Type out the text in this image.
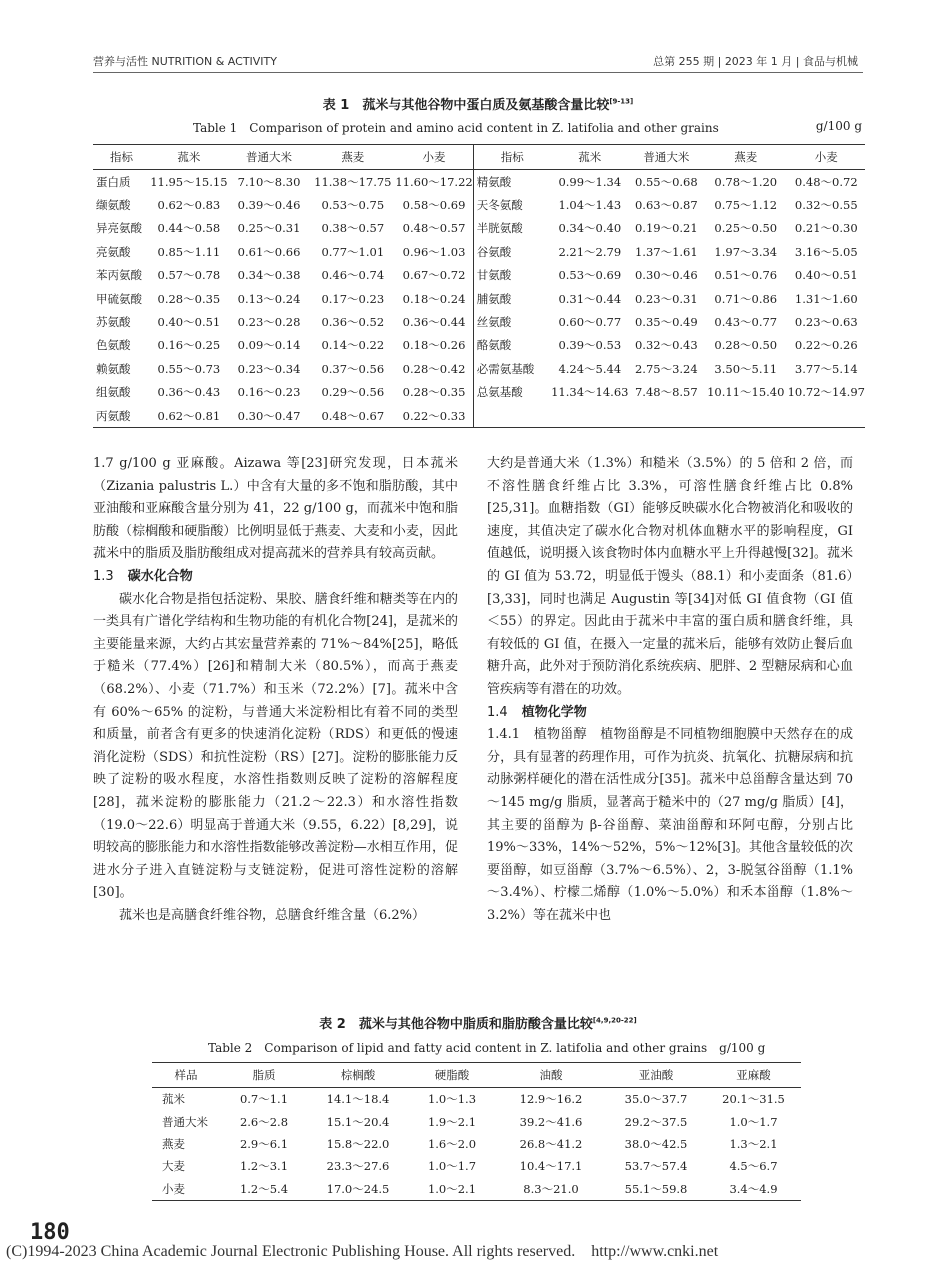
营养与活性 NUTRITION & ACTIVITY	总第 255 期 | 2023 年 1 月 | 食品与机械
表 1　菰米与其他谷物中蛋白质及氨基酸含量比较[9-13]
Table 1　Comparison of protein and amino acid content in Z. latifolia and other grains	g/100 g
指标	菰米	普通大米	燕麦	小麦	指标	菰米	普通大米	燕麦	小麦
蛋白质	11.95～15.15	7.10～8.30	11.38～17.75	11.60～17.22	精氨酸	0.99～1.34	0.55～0.68	0.78～1.20	0.48～0.72
缬氨酸	0.62～0.83	0.39～0.46	0.53～0.75	0.58～0.69	天冬氨酸	1.04～1.43	0.63～0.87	0.75～1.12	0.32～0.55
异亮氨酸	0.44～0.58	0.25～0.31	0.38～0.57	0.48～0.57	半胱氨酸	0.34～0.40	0.19～0.21	0.25～0.50	0.21～0.30
亮氨酸	0.85～1.11	0.61～0.66	0.77～1.01	0.96～1.03	谷氨酸	2.21～2.79	1.37～1.61	1.97～3.34	3.16～5.05
苯丙氨酸	0.57～0.78	0.34～0.38	0.46～0.74	0.67～0.72	甘氨酸	0.53～0.69	0.30～0.46	0.51～0.76	0.40～0.51
甲硫氨酸	0.28～0.35	0.13～0.24	0.17～0.23	0.18～0.24	脯氨酸	0.31～0.44	0.23～0.31	0.71～0.86	1.31～1.60
苏氨酸	0.40～0.51	0.23～0.28	0.36～0.52	0.36～0.44	丝氨酸	0.60～0.77	0.35～0.49	0.43～0.77	0.23～0.63
色氨酸	0.16～0.25	0.09～0.14	0.14～0.22	0.18～0.26	酪氨酸	0.39～0.53	0.32～0.43	0.28～0.50	0.22～0.26
赖氨酸	0.55～0.73	0.23～0.34	0.37～0.56	0.28～0.42	必需氨基酸	4.24～5.44	2.75～3.24	3.50～5.11	3.77～5.14
组氨酸	0.36～0.43	0.16～0.23	0.29～0.56	0.28～0.35	总氨基酸	11.34～14.63	7.48～8.57	10.11～15.40	10.72～14.97
丙氨酸	0.62～0.81	0.30～0.47	0.48～0.67	0.22～0.33					

1.7 g/100 g 亚麻酸。Aizawa 等[23]研究发现，日本菰米（Zizania palustris L.）中含有大量的多不饱和脂肪酸，其中亚油酸和亚麻酸含量分别为 41，22 g/100 g，而菰米中饱和脂肪酸（棕榈酸和硬脂酸）比例明显低于燕麦、大麦和小麦，因此菰米中的脂质及脂肪酸组成对提高菰米的营养具有较高贡献。

1.3 碳水化合物

碳水化合物是指包括淀粉、果胶、膳食纤维和糖类等在内的一类具有广谱化学结构和生物功能的有机化合物[24]，是菰米的主要能量来源，大约占其宏量营养素的 71%～84%[25]，略低于糙米（77.4%）[26]和精制大米（80.5%），而高于燕麦（68.2%）、小麦（71.7%）和玉米（72.2%）[7]。菰米中含有 60%～65% 的淀粉，与普通大米淀粉相比有着不同的类型和质量，前者含有更多的快速消化淀粉（RDS）和更低的慢速消化淀粉（SDS）和抗性淀粉（RS）[27]。淀粉的膨胀能力反映了淀粉的吸水程度，水溶性指数则反映了淀粉的溶解程度[28]，菰米淀粉的膨胀能力（21.2～22.3）和水溶性指数（19.0～22.6）明显高于普通大米（9.55，6.22）[8,29]，说明较高的膨胀能力和水溶性指数能够改善淀粉—水相互作用，促进水分子进入直链淀粉与支链淀粉，促进可溶性淀粉的溶解[30]。

菰米也是高膳食纤维谷物，总膳食纤维含量（6.2%）

大约是普通大米（1.3%）和糙米（3.5%）的 5 倍和 2 倍，而不溶性膳食纤维占比 3.3%，可溶性膳食纤维占比 0.8%[25,31]。血糖指数（GI）能够反映碳水化合物被消化和吸收的速度，其值决定了碳水化合物对机体血糖水平的影响程度，GI 值越低，说明摄入该食物时体内血糖水平上升得越慢[32]。菰米的 GI 值为 53.72，明显低于馒头（88.1）和小麦面条（81.6）[3,33]，同时也满足 Augustin 等[34]对低 GI 值食物（GI 值＜55）的界定。因此由于菰米中丰富的蛋白质和膳食纤维，具有较低的 GI 值，在摄入一定量的菰米后，能够有效防止餐后血糖升高，此外对于预防消化系统疾病、肥胖、2 型糖尿病和心血管疾病等有潜在的功效。

1.4 植物化学物

1.4.1　植物甾醇　植物甾醇是不同植物细胞膜中天然存在的成分，具有显著的药理作用，可作为抗炎、抗氧化、抗糖尿病和抗动脉粥样硬化的潜在活性成分[35]。菰米中总甾醇含量达到 70～145 mg/g 脂质，显著高于糙米中的（27 mg/g 脂质）[4]，其主要的甾醇为 β-谷甾醇、菜油甾醇和环阿屯醇，分别占比 19%～33%，14%～52%，5%～12%[3]。其他含量较低的次要甾醇，如豆甾醇（3.7%～6.5%）、2，3-脱氢谷甾醇（1.1%～3.4%）、柠檬二烯醇（1.0%～5.0%）和禾本甾醇（1.8%～3.2%）等在菰米中也

表 2　菰米与其他谷物中脂质和脂肪酸含量比较[4,9,20-22]
Table 2　Comparison of lipid and fatty acid content in Z. latifolia and other grains　g/100 g
样品	脂质	棕榈酸	硬脂酸	油酸	亚油酸	亚麻酸
菰米	0.7～1.1	14.1～18.4	1.0～1.3	12.9～16.2	35.0～37.7	20.1～31.5
普通大米	2.6～2.8	15.1～20.4	1.9～2.1	39.2～41.6	29.2～37.5	1.0～1.7
燕麦	2.9～6.1	15.8～22.0	1.6～2.0	26.8～41.2	38.0～42.5	1.3～2.1
大麦	1.2～3.1	23.3～27.6	1.0～1.7	10.4～17.1	53.7～57.4	4.5～6.7
小麦	1.2～5.4	17.0～24.5	1.0～2.1	8.3～21.0	55.1～59.8	3.4～4.9
180
(C)1994-2023 China Academic Journal Electronic Publishing House. All rights reserved.　http://www.cnki.net
